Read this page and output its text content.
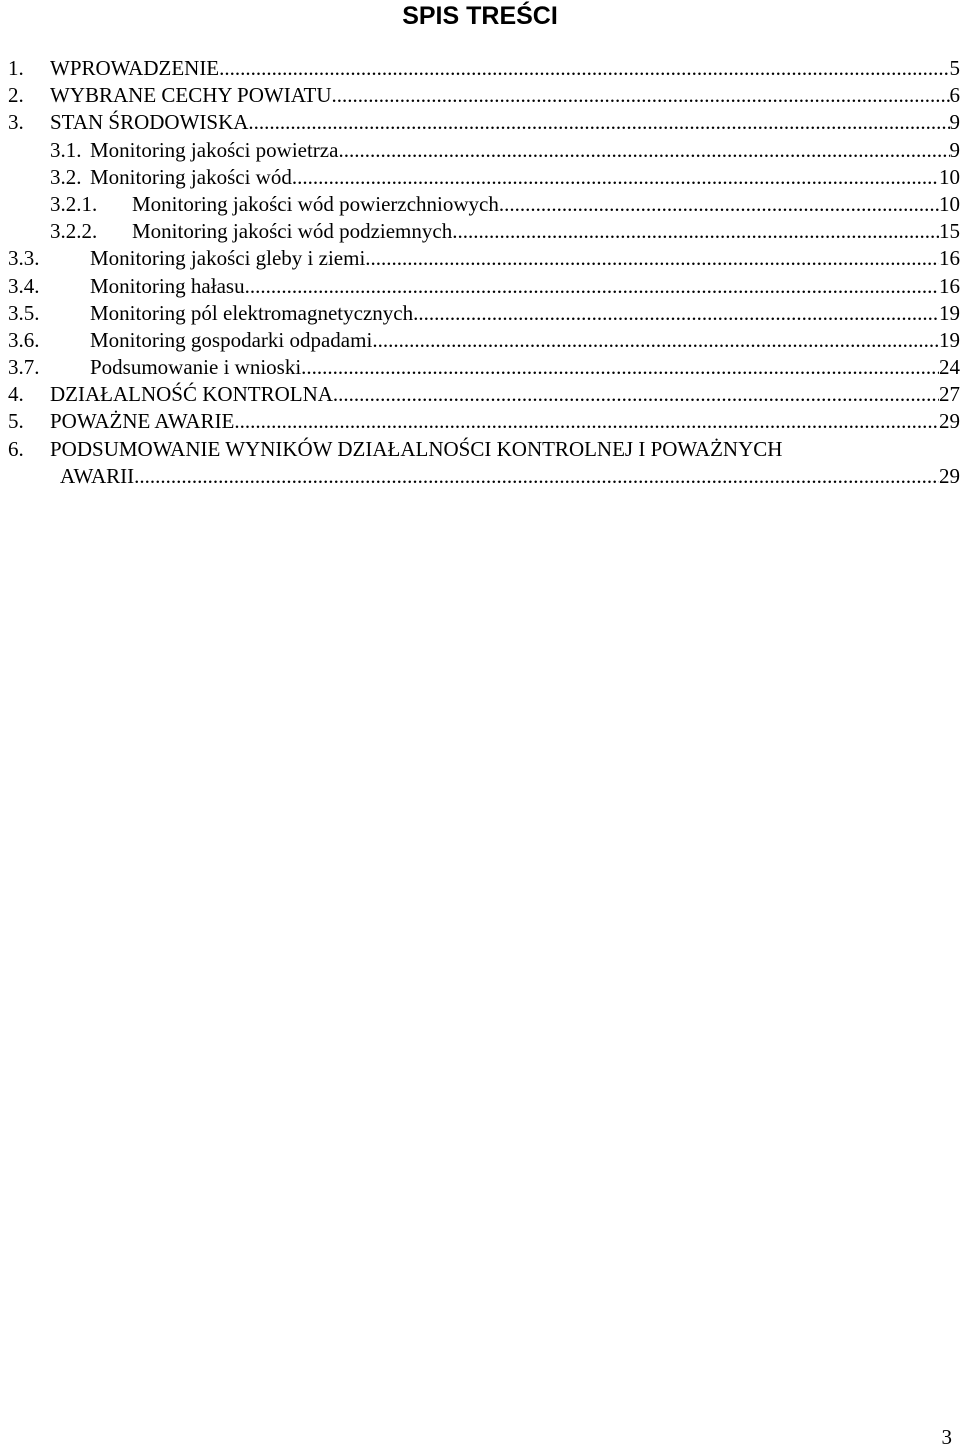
SPIS TREŚCI
1. WPROWADZENIE .....	5
2. WYBRANE CECHY POWIATU .....	6
3. STAN ŚRODOWISKA .....	9
3.1. Monitoring jakości powietrza .....	9
3.2. Monitoring jakości wód .....	10
3.2.1. Monitoring jakości wód powierzchniowych .....	10
3.2.2. Monitoring jakości wód podziemnych .....	15
3.3. Monitoring jakości gleby i ziemi .....	16
3.4. Monitoring hałasu .....	16
3.5. Monitoring pól elektromagnetycznych .....	19
3.6. Monitoring gospodarki odpadami .....	19
3.7. Podsumowanie i wnioski .....	24
4. DZIAŁALNOŚĆ KONTROLNA .....	27
5. POWAŻNE AWARIE .....	29
6. PODSUMOWANIE WYNIKÓW DZIAŁALNOŚCI KONTROLNEJ I POWAŻNYCH
AWARII .....	29
3
